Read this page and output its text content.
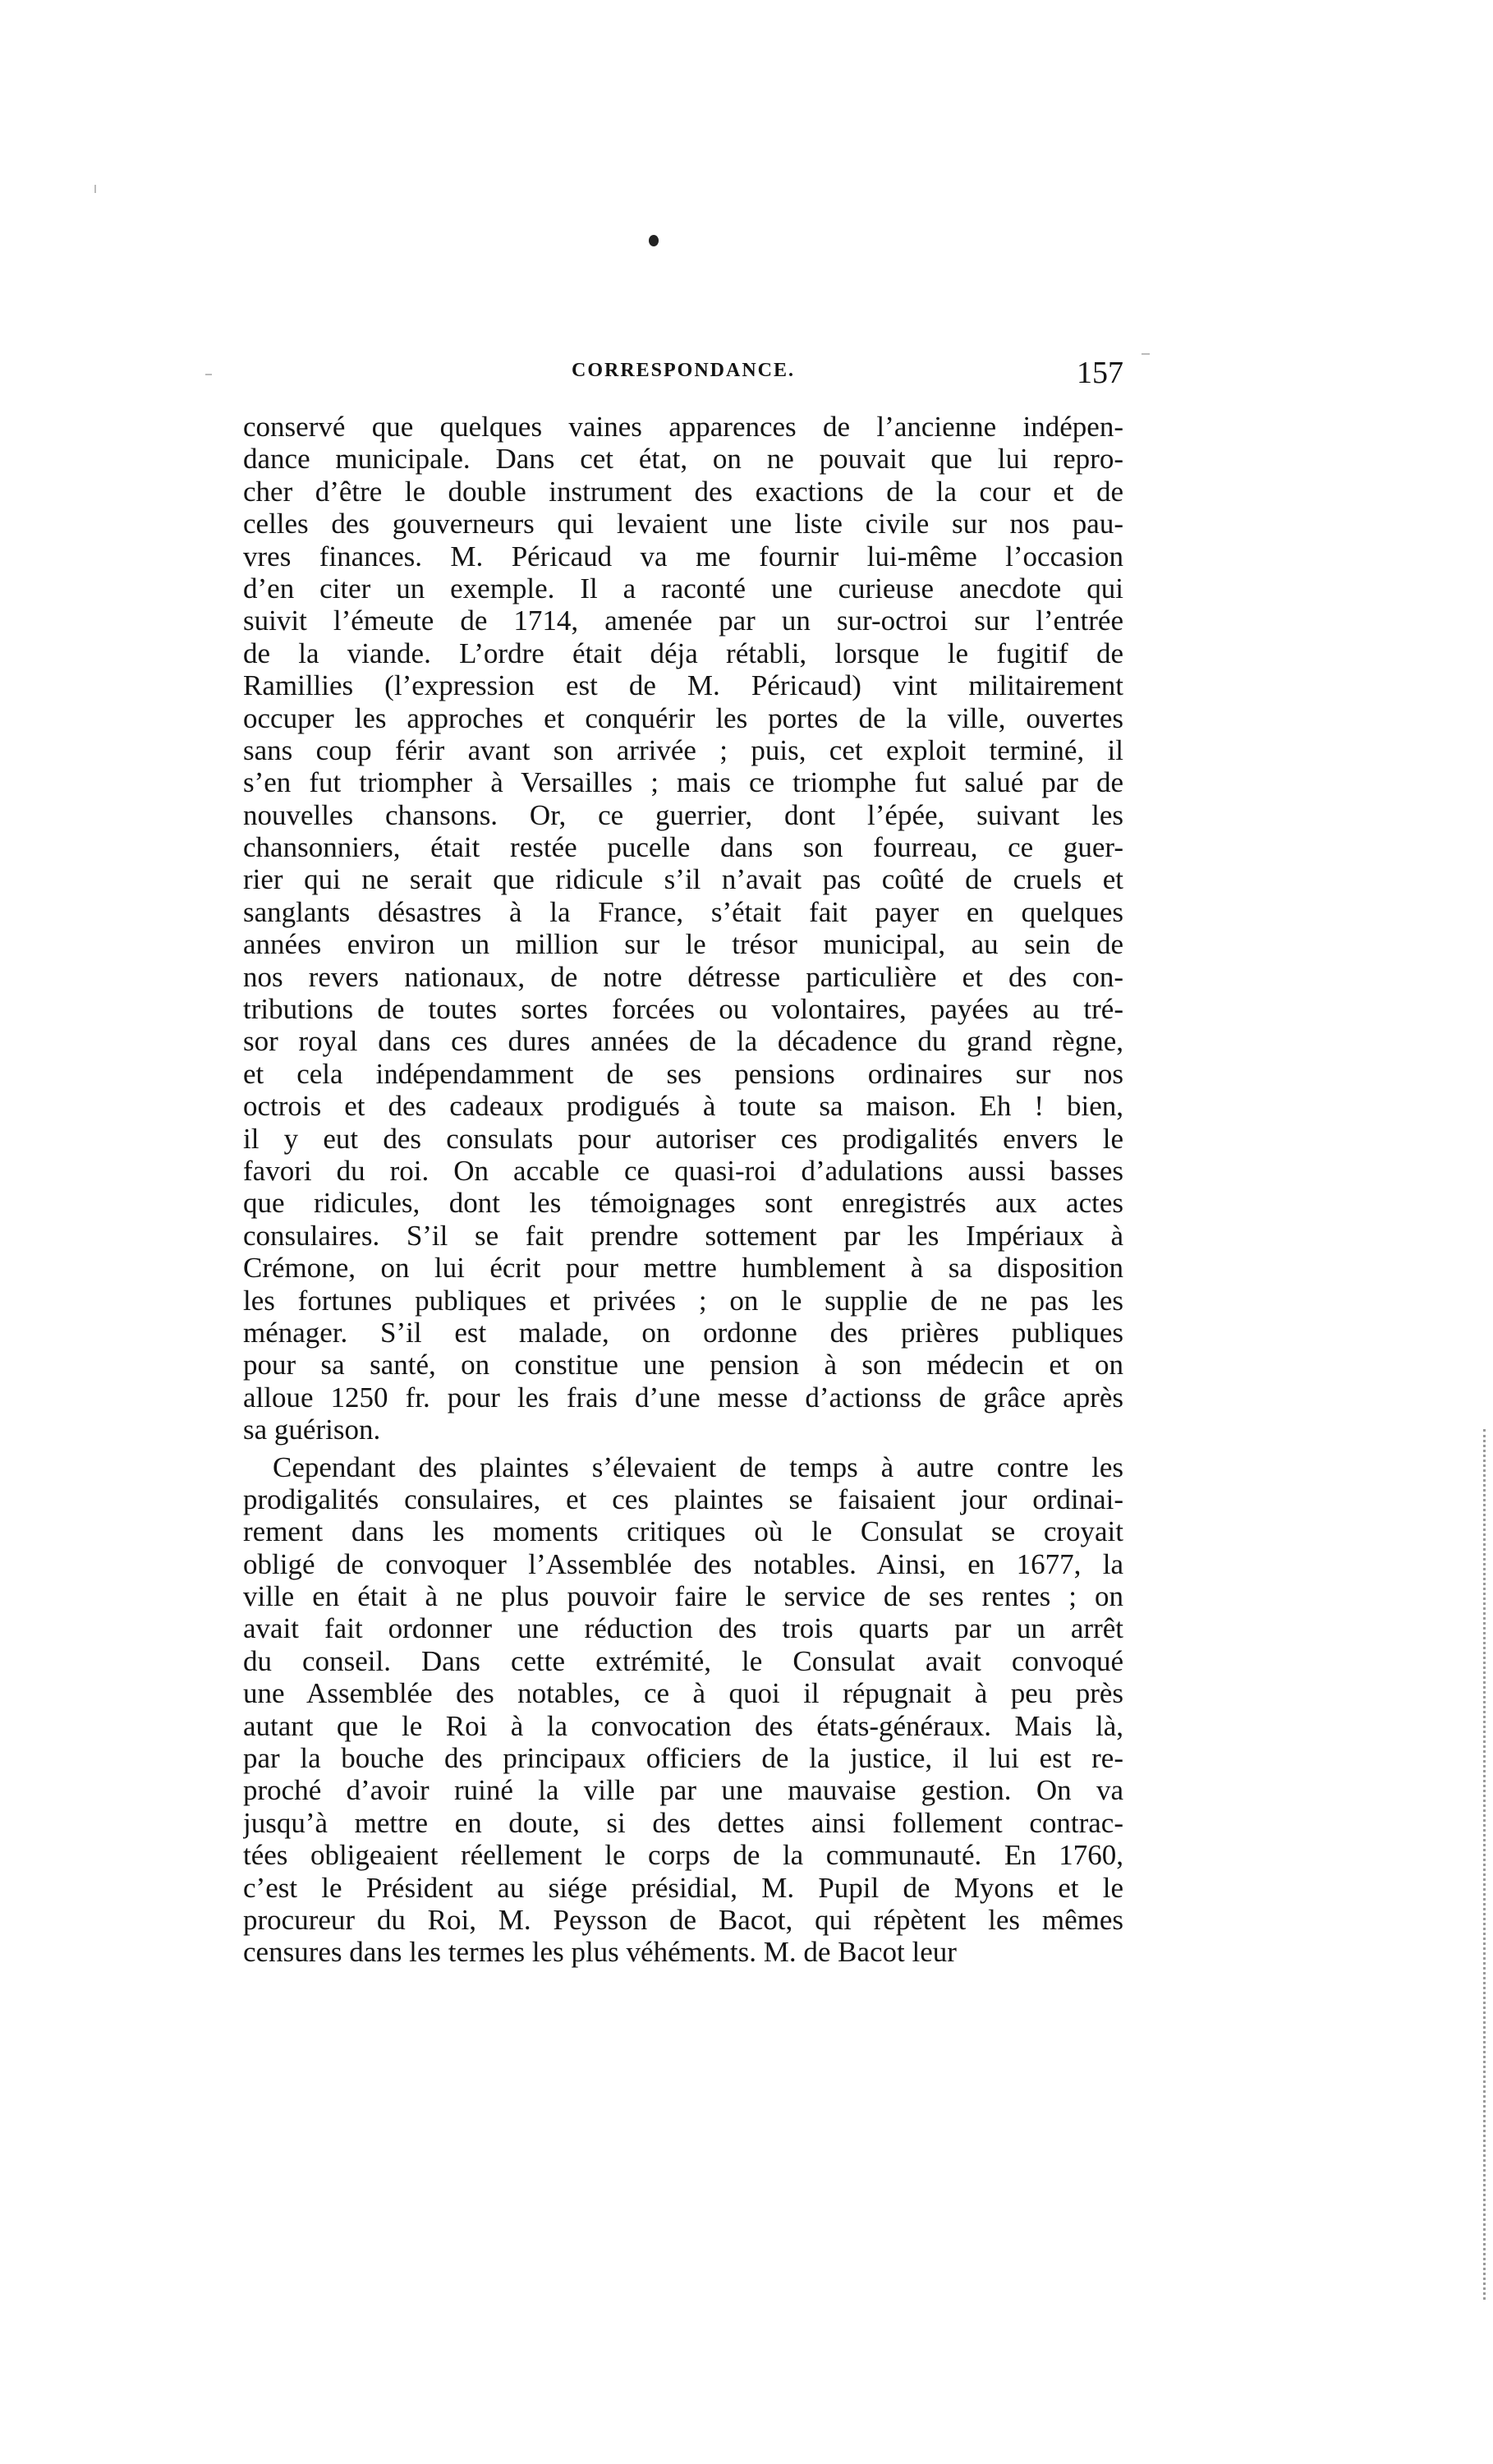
CORRESPONDANCE.	157
conservé que quelques vaines apparences de l’ancienne indépen-
dance municipale. Dans cet état, on ne pouvait que lui repro-
cher d’être le double instrument des exactions de la cour et de
celles des gouverneurs qui levaient une liste civile sur nos pau-
vres finances. M. Péricaud va me fournir lui-même l’occasion
d’en citer un exemple. Il a raconté une curieuse anecdote qui
suivit l’émeute de 1714, amenée par un sur-octroi sur l’entrée
de la viande. L’ordre était déja rétabli, lorsque le fugitif de
Ramillies (l’expression est de M. Péricaud) vint militairement
occuper les approches et conquérir les portes de la ville, ouvertes
sans coup férir avant son arrivée ; puis, cet exploit terminé, il
s’en fut triompher à Versailles ; mais ce triomphe fut salué par de
nouvelles chansons. Or, ce guerrier, dont l’épée, suivant les
chansonniers, était restée pucelle dans son fourreau, ce guer-
rier qui ne serait que ridicule s’il n’avait pas coûté de cruels et
sanglants désastres à la France, s’était fait payer en quelques
années environ un million sur le trésor municipal, au sein de
nos revers nationaux, de notre détresse particulière et des con-
tributions de toutes sortes forcées ou volontaires, payées au tré-
sor royal dans ces dures années de la décadence du grand règne,
et cela indépendamment de ses pensions ordinaires sur nos
octrois et des cadeaux prodigués à toute sa maison. Eh ! bien,
il y eut des consulats pour autoriser ces prodigalités envers le
favori du roi. On accable ce quasi-roi d’adulations aussi basses
que ridicules, dont les témoignages sont enregistrés aux actes
consulaires. S’il se fait prendre sottement par les Impériaux à
Crémone, on lui écrit pour mettre humblement à sa disposition
les fortunes publiques et privées ; on le supplie de ne pas les
ménager. S’il est malade, on ordonne des prières publiques
pour sa santé, on constitue une pension à son médecin et on
alloue 1250 fr. pour les frais d’une messe d’actionss de grâce après
sa guérison.
Cependant des plaintes s’élevaient de temps à autre contre les
prodigalités consulaires, et ces plaintes se faisaient jour ordinai-
rement dans les moments critiques où le Consulat se croyait
obligé de convoquer l’Assemblée des notables. Ainsi, en 1677, la
ville en était à ne plus pouvoir faire le service de ses rentes ; on
avait fait ordonner une réduction des trois quarts par un arrêt
du conseil. Dans cette extrémité, le Consulat avait convoqué
une Assemblée des notables, ce à quoi il répugnait à peu près
autant que le Roi à la convocation des états-généraux. Mais là,
par la bouche des principaux officiers de la justice, il lui est re-
proché d’avoir ruiné la ville par une mauvaise gestion. On va
jusqu’à mettre en doute, si des dettes ainsi follement contrac-
tées obligeaient réellement le corps de la communauté. En 1760,
c’est le Président au siége présidial, M. Pupil de Myons et le
procureur du Roi, M. Peysson de Bacot, qui répètent les mêmes
censures dans les termes les plus véhéments. M. de Bacot leur
